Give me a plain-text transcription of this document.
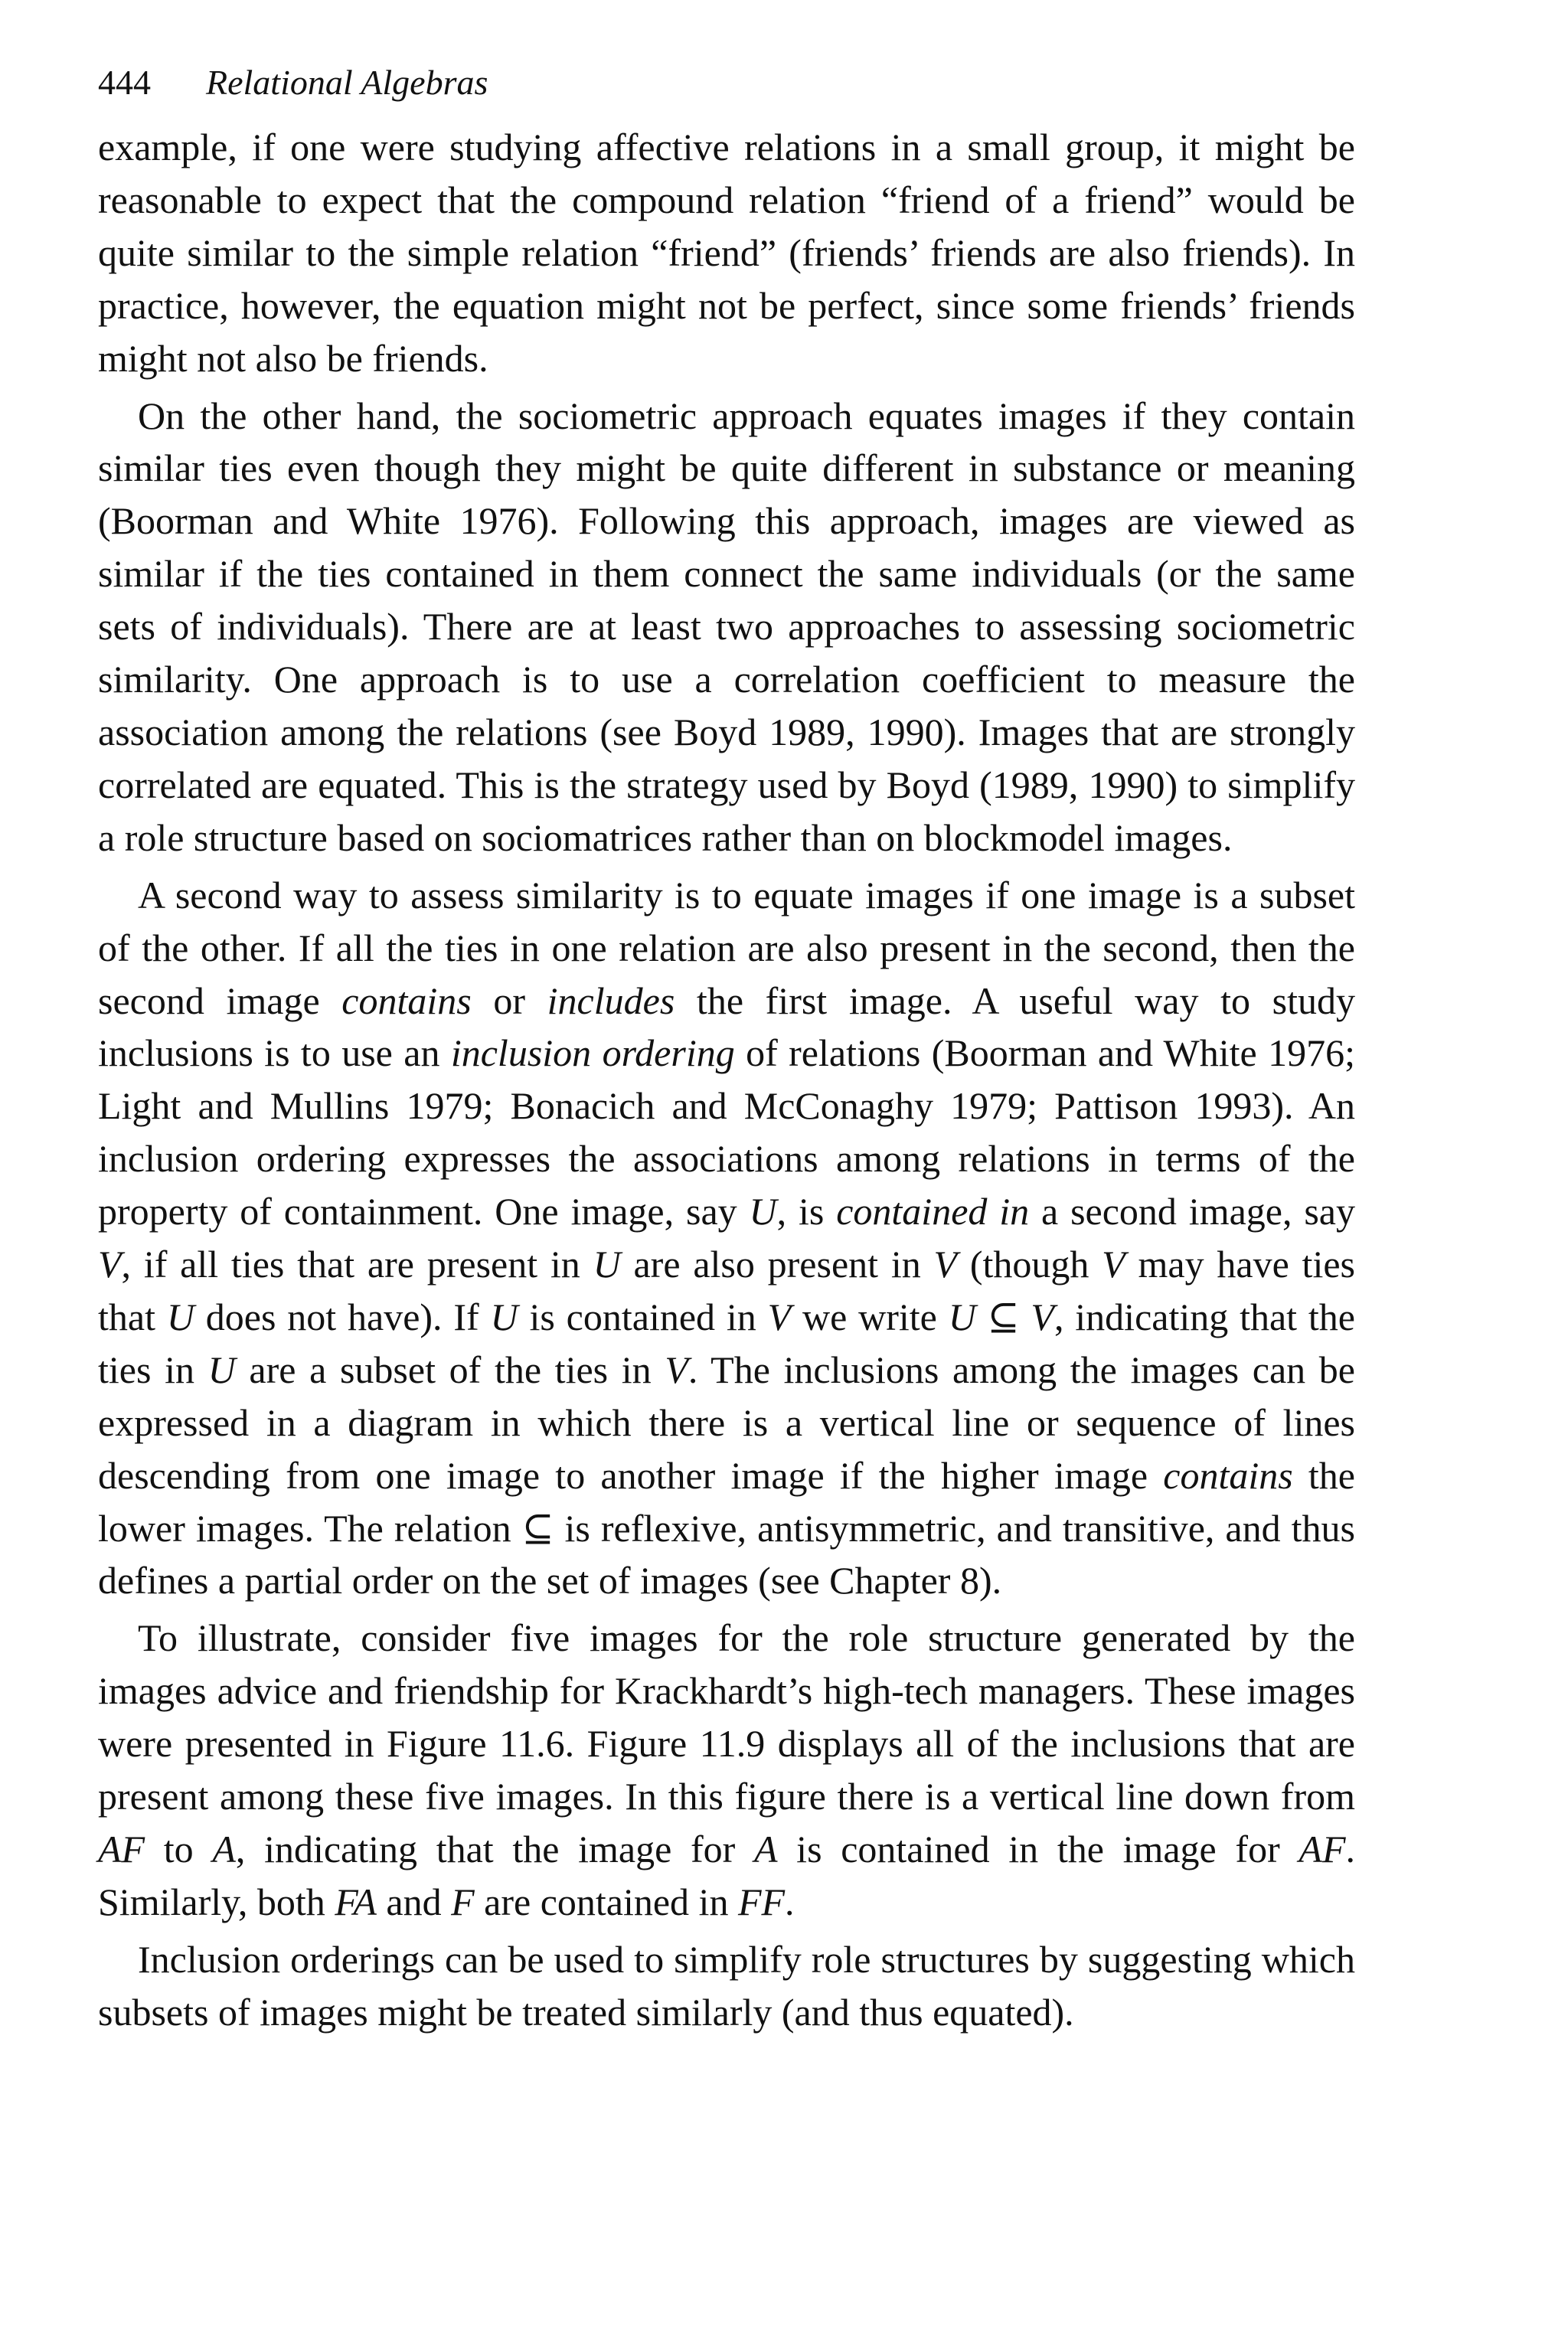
444 Relational Algebras

example, if one were studying affective relations in a small group, it might be reasonable to expect that the compound relation “friend of a friend” would be quite similar to the simple relation “friend” (friends’ friends are also friends). In practice, however, the equation might not be perfect, since some friends’ friends might not also be friends.

On the other hand, the sociometric approach equates images if they contain similar ties even though they might be quite different in substance or meaning (Boorman and White 1976). Following this approach, images are viewed as similar if the ties contained in them connect the same individuals (or the same sets of individuals). There are at least two approaches to assessing sociometric similarity. One approach is to use a correlation coefficient to measure the association among the relations (see Boyd 1989, 1990). Images that are strongly correlated are equated. This is the strategy used by Boyd (1989, 1990) to simplify a role structure based on sociomatrices rather than on blockmodel images.

A second way to assess similarity is to equate images if one image is a subset of the other. If all the ties in one relation are also present in the second, then the second image contains or includes the first image. A useful way to study inclusions is to use an inclusion ordering of relations (Boorman and White 1976; Light and Mullins 1979; Bonacich and McConaghy 1979; Pattison 1993). An inclusion ordering expresses the associations among relations in terms of the property of containment. One image, say U, is contained in a second image, say V, if all ties that are present in U are also present in V (though V may have ties that U does not have). If U is contained in V we write U ⊆ V, indicating that the ties in U are a subset of the ties in V. The inclusions among the images can be expressed in a diagram in which there is a vertical line or sequence of lines descending from one image to another image if the higher image contains the lower images. The relation ⊆ is reflexive, antisymmetric, and transitive, and thus defines a partial order on the set of images (see Chapter 8).

To illustrate, consider five images for the role structure generated by the images advice and friendship for Krackhardt’s high-tech managers. These images were presented in Figure 11.6. Figure 11.9 displays all of the inclusions that are present among these five images. In this figure there is a vertical line down from AF to A, indicating that the image for A is contained in the image for AF. Similarly, both FA and F are contained in FF.

Inclusion orderings can be used to simplify role structures by suggesting which subsets of images might be treated similarly (and thus equated).
